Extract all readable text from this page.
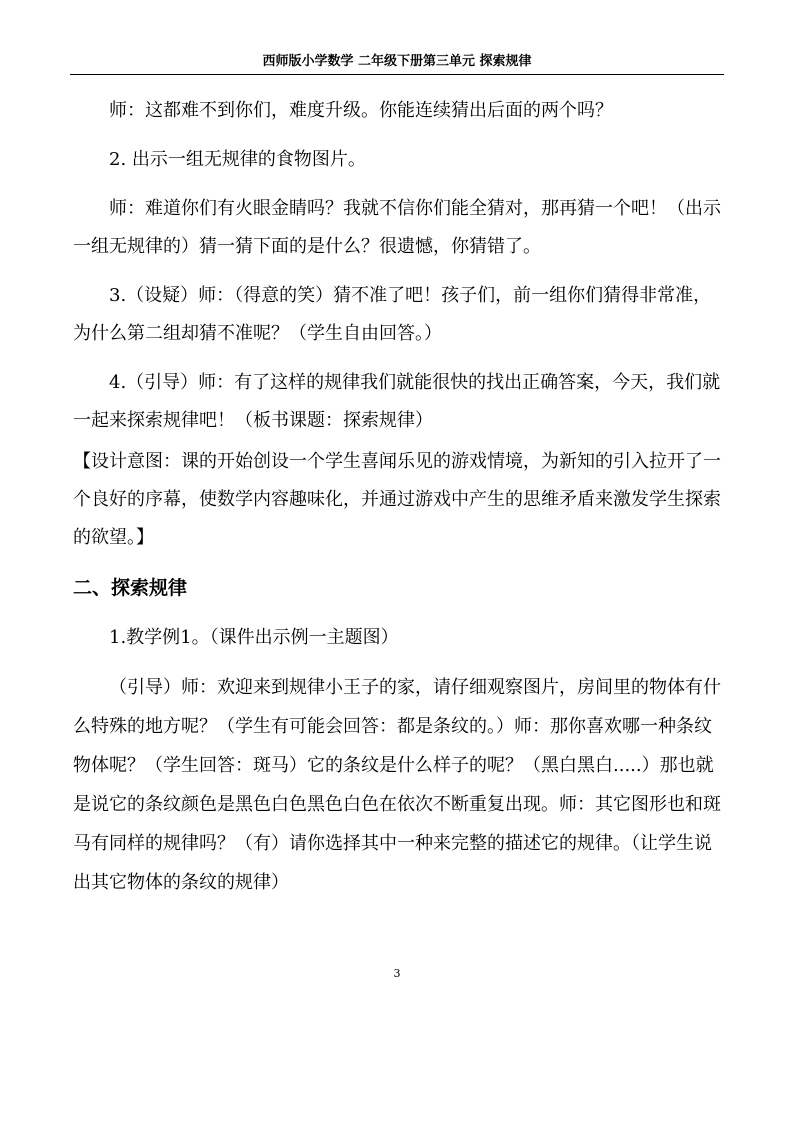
西师版小学数学 二年级下册第三单元 探索规律

师：这都难不到你们，难度升级。你能连续猜出后面的两个吗？

2. 出示一组无规律的食物图片。

师：难道你们有火眼金睛吗？我就不信你们能全猜对，那再猜一个吧！（出示一组无规律的）猜一猜下面的是什么？很遗憾，你猜错了。

3.（设疑）师：（得意的笑）猜不准了吧！孩子们，前一组你们猜得非常准，为什么第二组却猜不准呢？（学生自由回答。）

4.（引导）师：有了这样的规律我们就能很快的找出正确答案，今天，我们就一起来探索规律吧！（板书课题：探索规律）

【设计意图：课的开始创设一个学生喜闻乐见的游戏情境，为新知的引入拉开了一个良好的序幕，使数学内容趣味化，并通过游戏中产生的思维矛盾来激发学生探索的欲望。】

二、探索规律

1.教学例1。（课件出示例一主题图）

（引导）师：欢迎来到规律小王子的家，请仔细观察图片，房间里的物体有什么特殊的地方呢？（学生有可能会回答：都是条纹的。）师：那你喜欢哪一种条纹物体呢？（学生回答：斑马）它的条纹是什么样子的呢？（黑白黑白.....）那也就是说它的条纹颜色是黑色白色黑色白色在依次不断重复出现。师：其它图形也和斑马有同样的规律吗？（有）请你选择其中一种来完整的描述它的规律。（让学生说出其它物体的条纹的规律）

3
